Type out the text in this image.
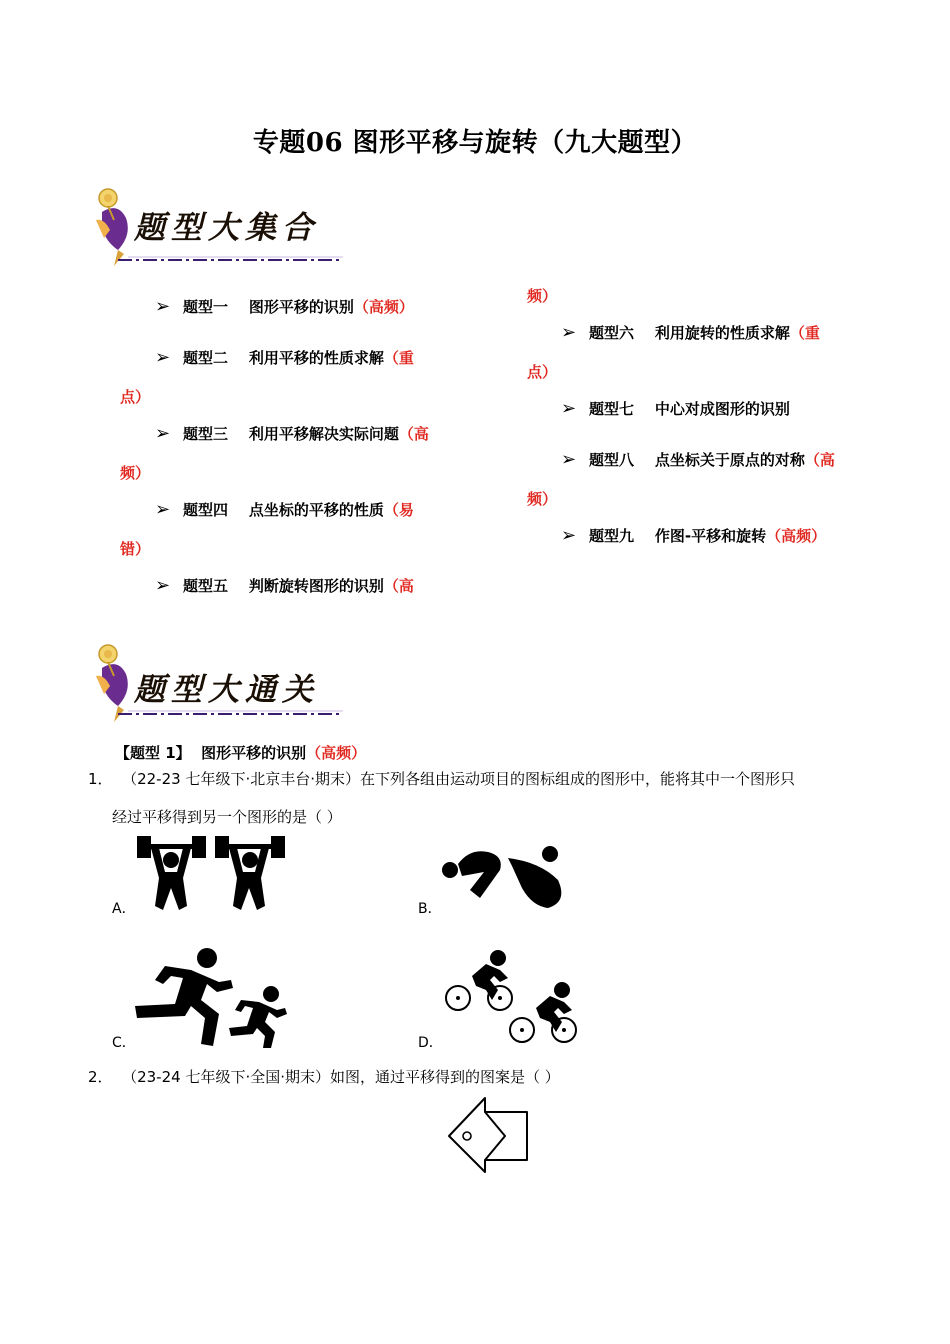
专题06 图形平移与旋转（九大题型）
题型大集合
➢ 题型一 图形平移的识别（高频）
➢ 题型二 利用平移的性质求解（重
点）
➢ 题型三 利用平移解决实际问题（高
频）
➢ 题型四 点坐标的平移的性质（易
错）
➢ 题型五 判断旋转图形的识别（高
频）
➢ 题型六 利用旋转的性质求解（重
点）
➢ 题型七 中心对成图形的识别
➢ 题型八 点坐标关于原点的对称（高
频）
➢ 题型九 作图-平移和旋转（高频）
题型大通关
【题型 1】 图形平移的识别（高频）
1． （22-23 七年级下·北京丰台·期末）在下列各组由运动项目的图标组成的图形中，能将其中一个图形只
经过平移得到另一个图形的是（ ）
A．	B．
C．	D．
2． （23-24 七年级下·全国·期末）如图，通过平移得到的图案是（ ）
